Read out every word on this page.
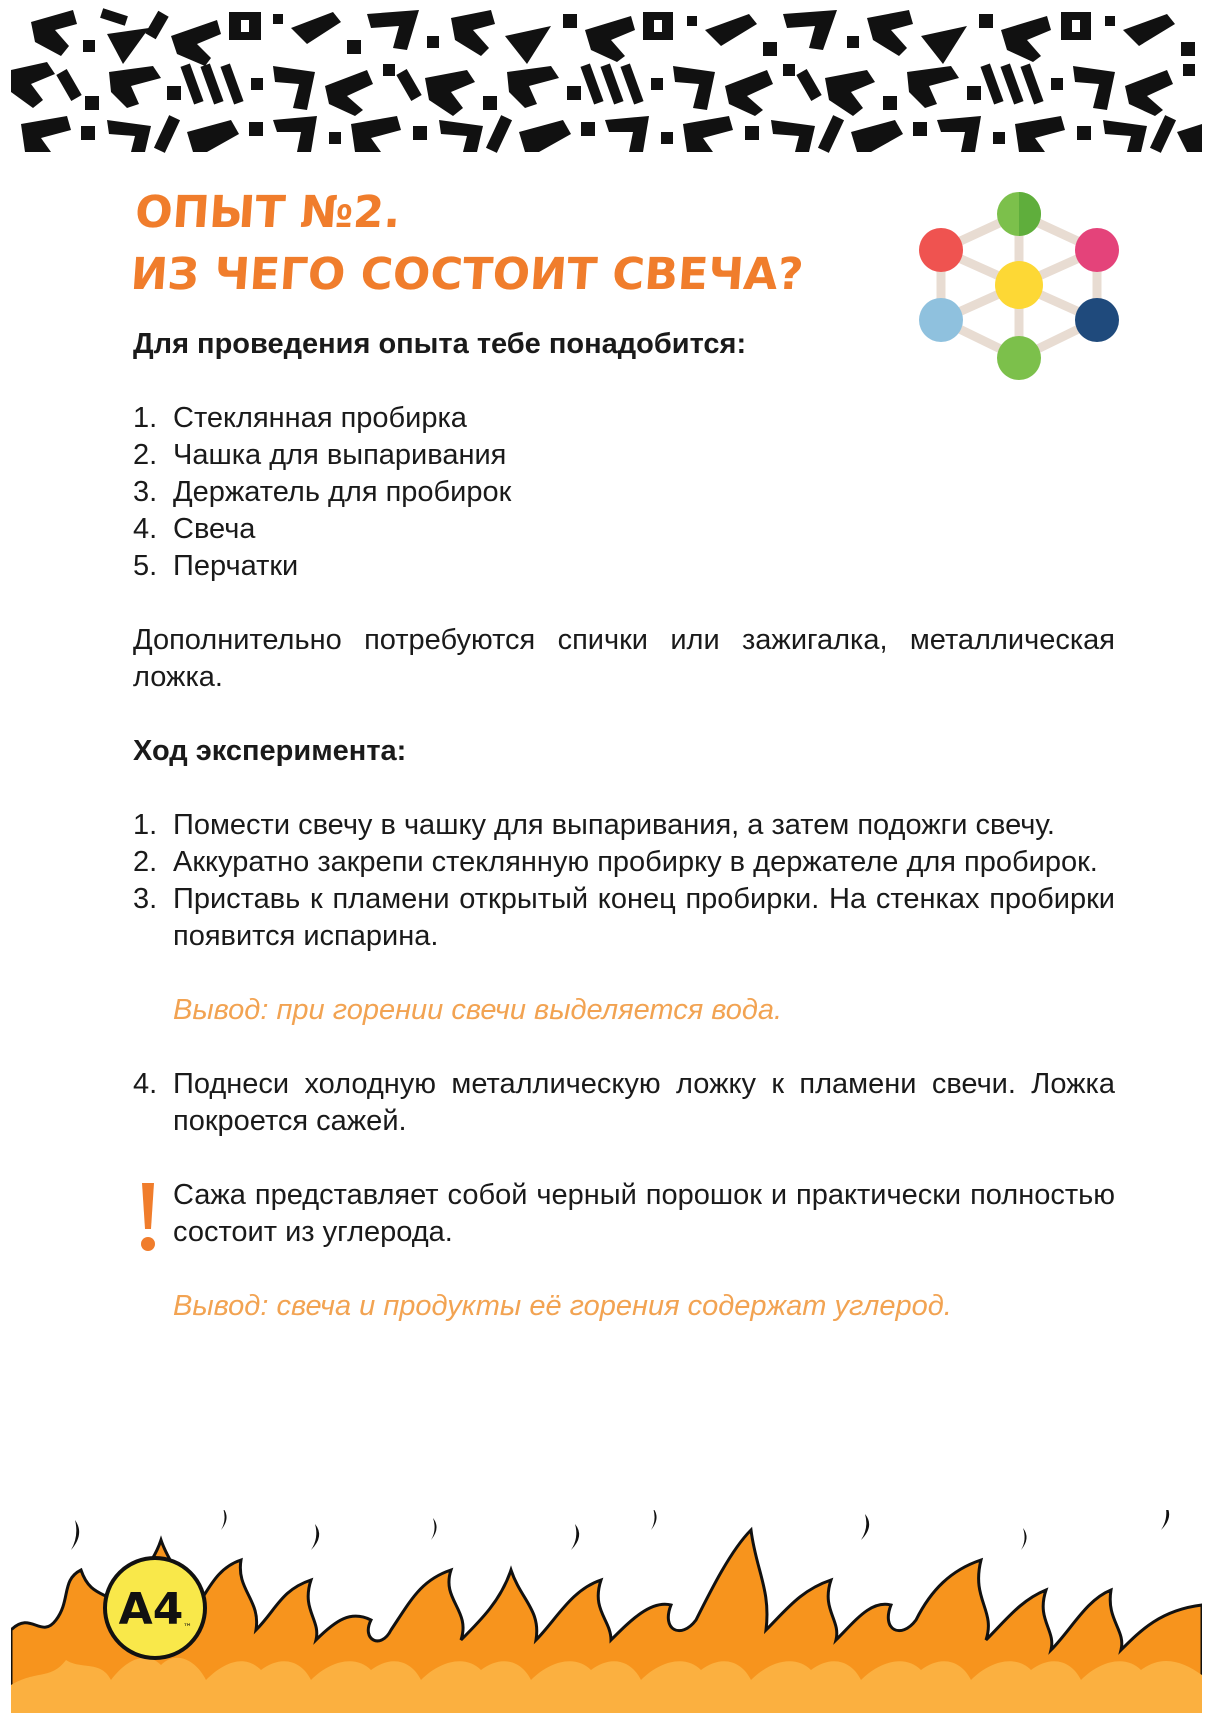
ОПЫТ №2.
ИЗ ЧЕГО СОСТОИТ СВЕЧА?

Для проведения опыта тебе понадобится:

1. Стеклянная пробирка
2. Чашка для выпаривания
3. Держатель для пробирок
4. Свеча
5. Перчатки

Дополнительно потребуются спички или зажигалка, металлическая ложка.

Ход эксперимента:

1. Помести свечу в чашку для выпаривания, а затем подожги свечу.
2. Аккуратно закрепи стеклянную пробирку в держателе для пробирок.
3. Приставь к пламени открытый конец пробирки. На стенках пробирки появится испарина.

Вывод: при горении свечи выделяется вода.

4. Поднеси холодную металлическую ложку к пламени свечи. Ложка покроется сажей.
Сажа представляет собой черный порошок и практически полностью состоит из углерода.

Вывод: свеча и продукты её горения содержат углерод.

А4 ™
